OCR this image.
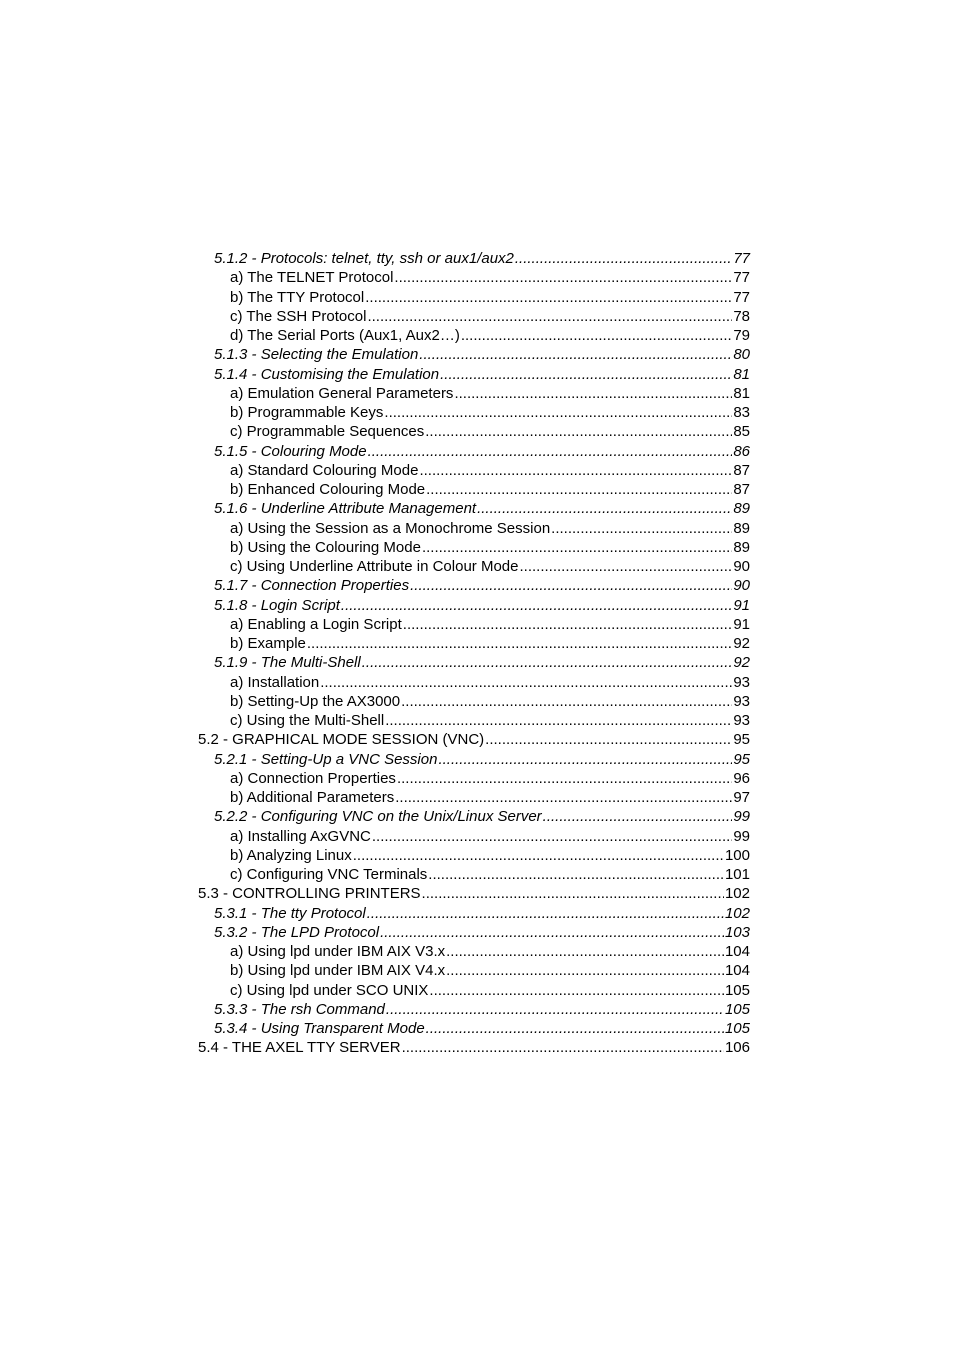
5.1.2 - Protocols: telnet, tty, ssh or aux1/aux2 .....	77
a) The TELNET Protocol .....	77
b) The TTY Protocol .....	77
c) The SSH Protocol .....	78
d) The Serial Ports (Aux1, Aux2…) .....	79
5.1.3 - Selecting the Emulation .....	80
5.1.4 - Customising the Emulation .....	81
a) Emulation General Parameters .....	81
b) Programmable Keys .....	83
c) Programmable Sequences .....	85
5.1.5 - Colouring Mode .....	86
a) Standard Colouring Mode .....	87
b) Enhanced Colouring Mode .....	87
5.1.6 - Underline Attribute Management .....	89
a) Using the Session as a Monochrome Session .....	89
b) Using the Colouring Mode .....	89
c) Using Underline Attribute in Colour Mode .....	90
5.1.7 - Connection Properties .....	90
5.1.8 - Login Script .....	91
a) Enabling a Login Script .....	91
b) Example .....	92
5.1.9 - The Multi-Shell .....	92
a) Installation .....	93
b) Setting-Up the AX3000 .....	93
c) Using the Multi-Shell .....	93
5.2 - GRAPHICAL MODE SESSION (VNC) .....	95
5.2.1 - Setting-Up a VNC Session .....	95
a) Connection Properties .....	96
b) Additional Parameters .....	97
5.2.2 - Configuring VNC on the Unix/Linux Server .....	99
a) Installing AxGVNC .....	99
b) Analyzing Linux .....	100
c) Configuring VNC Terminals .....	101
5.3 - CONTROLLING PRINTERS .....	102
5.3.1 - The tty Protocol .....	102
5.3.2 - The LPD Protocol .....	103
a) Using lpd under IBM AIX V3.x .....	104
b) Using lpd under IBM AIX V4.x .....	104
c) Using lpd under SCO UNIX .....	105
5.3.3 - The rsh Command .....	105
5.3.4 - Using Transparent Mode .....	105
5.4 - THE AXEL TTY SERVER .....	106
